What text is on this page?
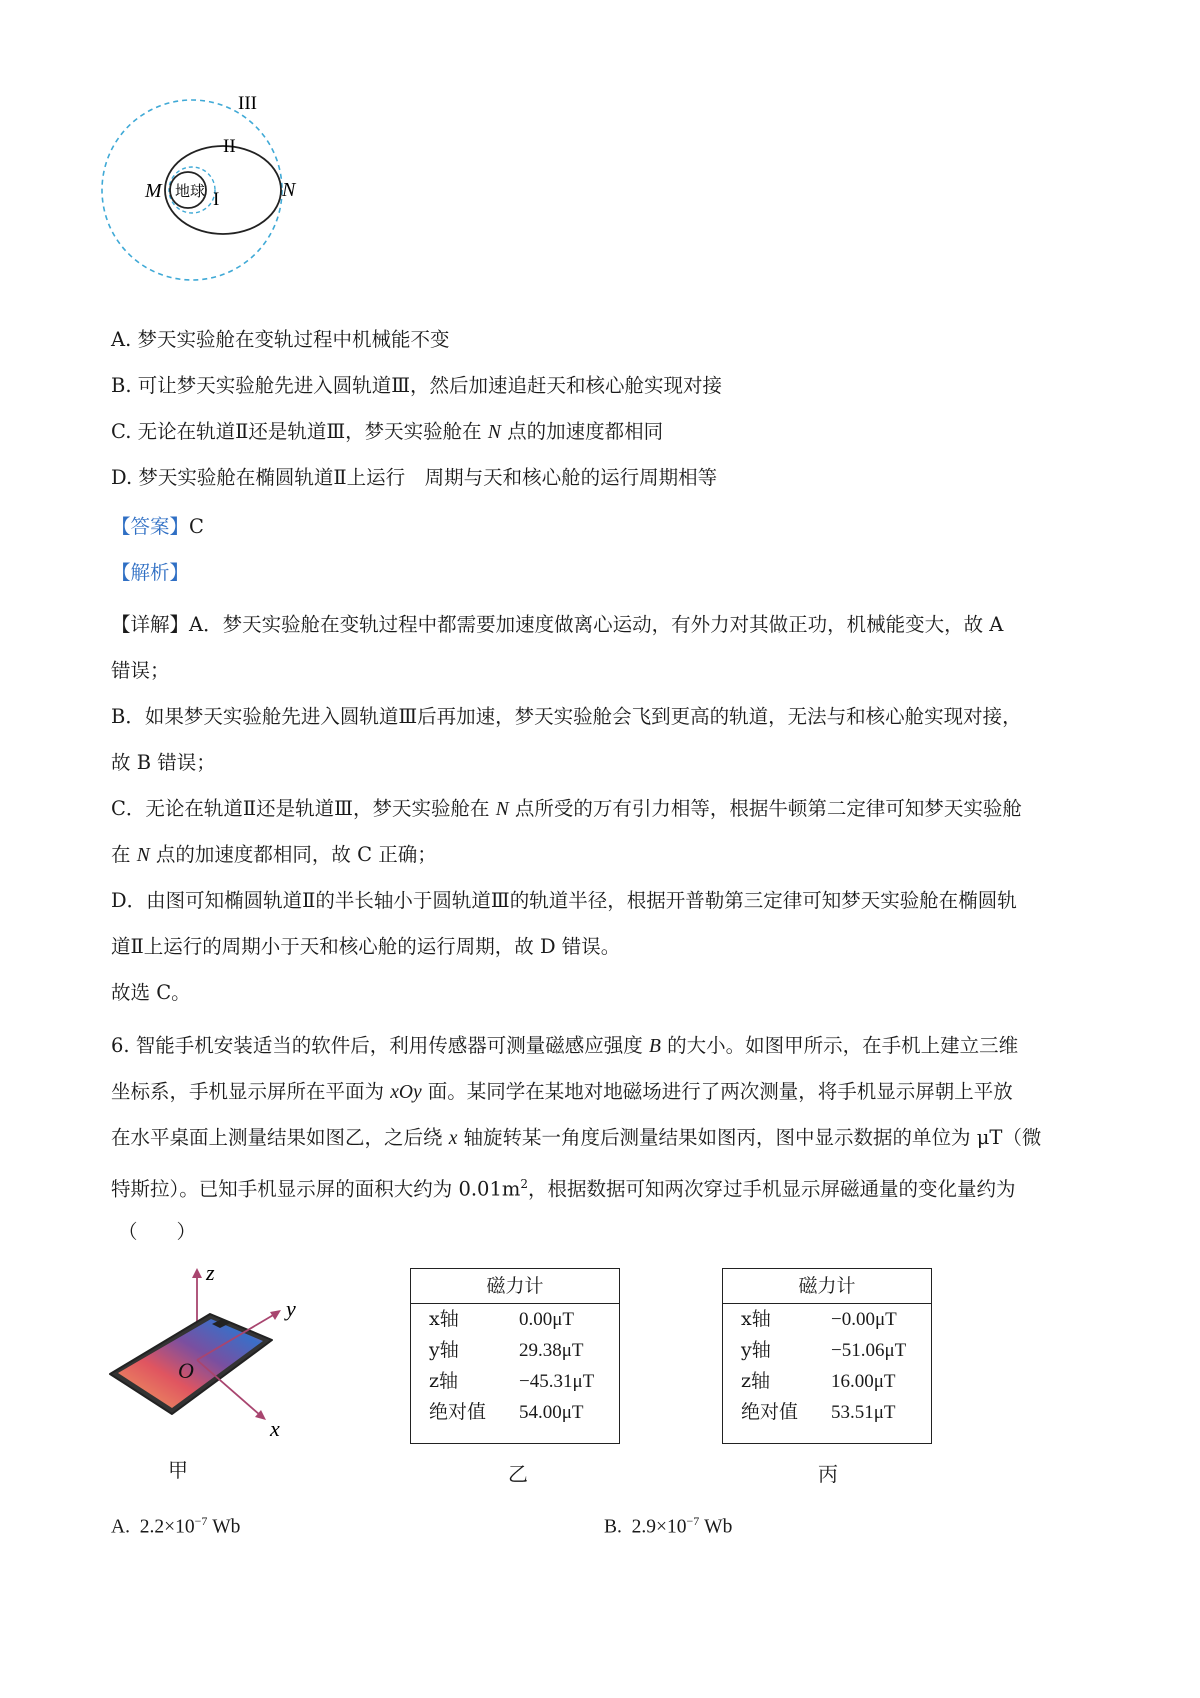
地球
III
II
I
M	N
A. 梦天实验舱在变轨过程中机械能不变
B. 可让梦天实验舱先进入圆轨道Ⅲ，然后加速追赶天和核心舱实现对接
C. 无论在轨道Ⅱ还是轨道Ⅲ，梦天实验舱在 N 点的加速度都相同
D. 梦天实验舱在椭圆轨道Ⅱ上运行　周期与天和核心舱的运行周期相等
【答案】C
【解析】
【详解】A．梦天实验舱在变轨过程中都需要加速度做离心运动，有外力对其做正功，机械能变大，故 A
错误；
B．如果梦天实验舱先进入圆轨道Ⅲ后再加速，梦天实验舱会飞到更高的轨道，无法与和核心舱实现对接，
故 B 错误；
C．无论在轨道Ⅱ还是轨道Ⅲ，梦天实验舱在 N 点所受的万有引力相等，根据牛顿第二定律可知梦天实验舱
在 N 点的加速度都相同，故 C 正确；
D．由图可知椭圆轨道Ⅱ的半长轴小于圆轨道Ⅲ的轨道半径，根据开普勒第三定律可知梦天实验舱在椭圆轨
道Ⅱ上运行的周期小于天和核心舱的运行周期，故 D 错误。
故选 C。
6. 智能手机安装适当的软件后，利用传感器可测量磁感应强度 B 的大小。如图甲所示，在手机上建立三维
坐标系，手机显示屏所在平面为 xOy 面。某同学在某地对地磁场进行了两次测量，将手机显示屏朝上平放
在水平桌面上测量结果如图乙，之后绕 x 轴旋转某一角度后测量结果如图丙，图中显示数据的单位为 μT（微
特斯拉）。已知手机显示屏的面积大约为 $0.01m^2$，根据数据可知两次穿过手机显示屏磁通量的变化量约为
（　　）
z
y
x
O
甲
磁力计
x轴	0.00μT
y轴	29.38μT
z轴	−45.31μT
绝对值 54.00μT
乙
磁力计
x轴	−0.00μT
y轴	−51.06μT
z轴	16.00μT
绝对值 53.51μT
丙
A. $2.2\times 10^{-7}$ Wb	B. $2.9\times 10^{-7}$ Wb
